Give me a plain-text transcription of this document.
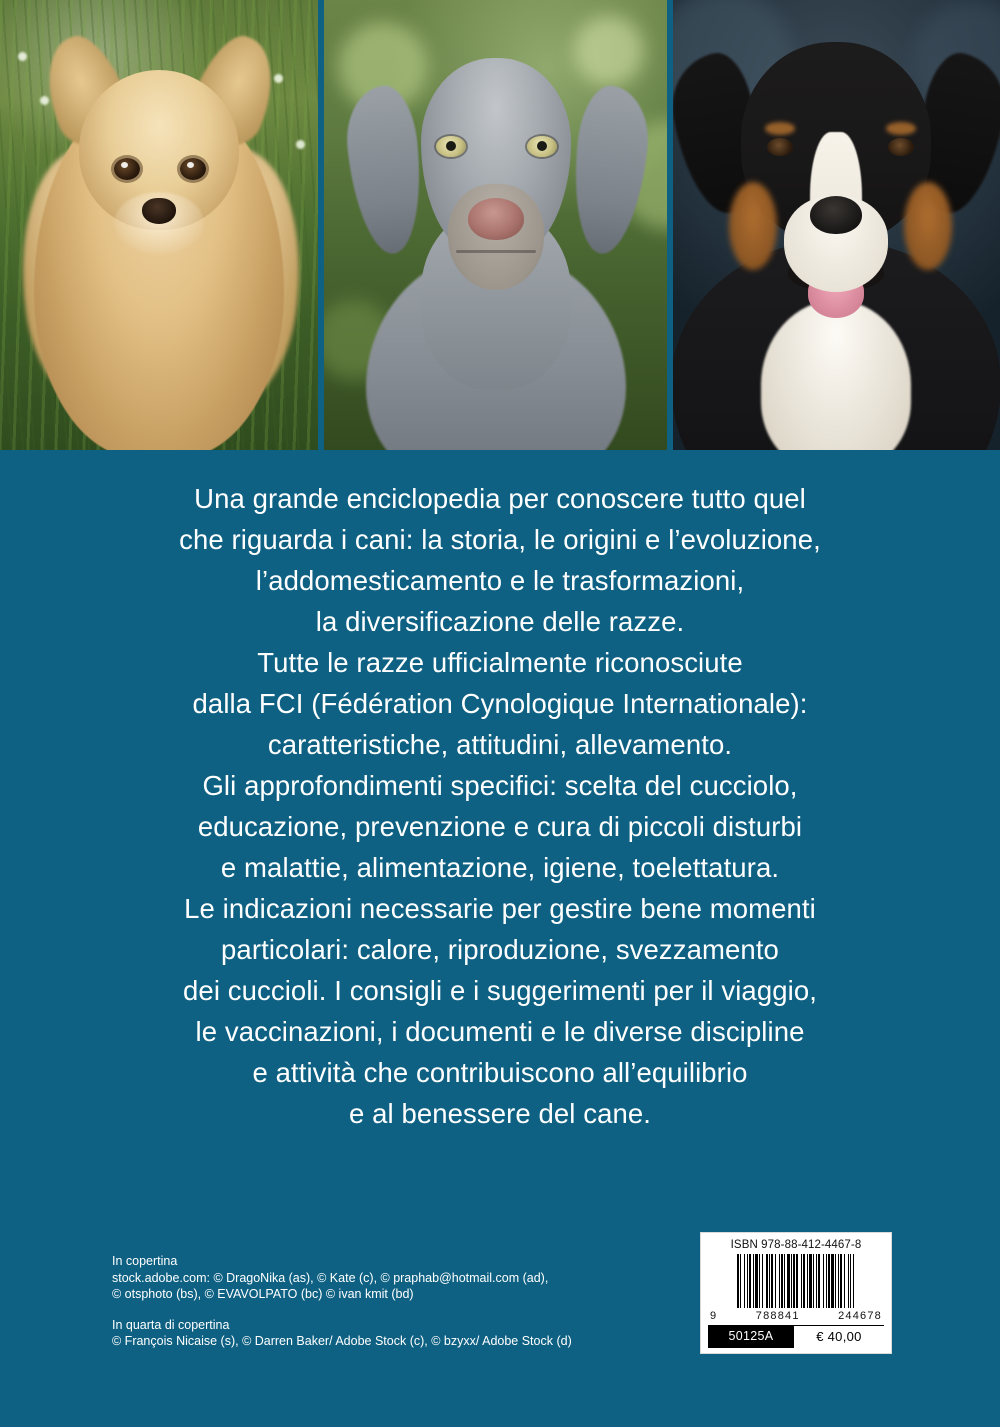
Una grande enciclopedia per conoscere tutto quel

che riguarda i cani: la storia, le origini e l’evoluzione,

l’addomesticamento e le trasformazioni,

la diversificazione delle razze.

Tutte le razze ufficialmente riconosciute

dalla FCI (Fédération Cynologique Internationale):

caratteristiche, attitudini, allevamento.

Gli approfondimenti specifici: scelta del cucciolo,

educazione, prevenzione e cura di piccoli disturbi

e malattie, alimentazione, igiene, toelettatura.

Le indicazioni necessarie per gestire bene momenti

particolari: calore, riproduzione, svezzamento

dei cuccioli. I consigli e i suggerimenti per il viaggio,

le vaccinazioni, i documenti e le diverse discipline

e attività che contribuiscono all’equilibrio

e al benessere del cane.

In copertina
stock.adobe.com: © DragoNika (as), © Kate (c), © praphab@hotmail.com (ad),
© otsphoto (bs), © EVAVOLPATO (bc) © ivan kmit (bd)
In quarta di copertina
© François Nicaise (s), © Darren Baker/ Adobe Stock (c), © bzyxx/ Adobe Stock (d)
ISBN 978-88-412-4467-8
9	788841	244678
50125A	€ 40,00
